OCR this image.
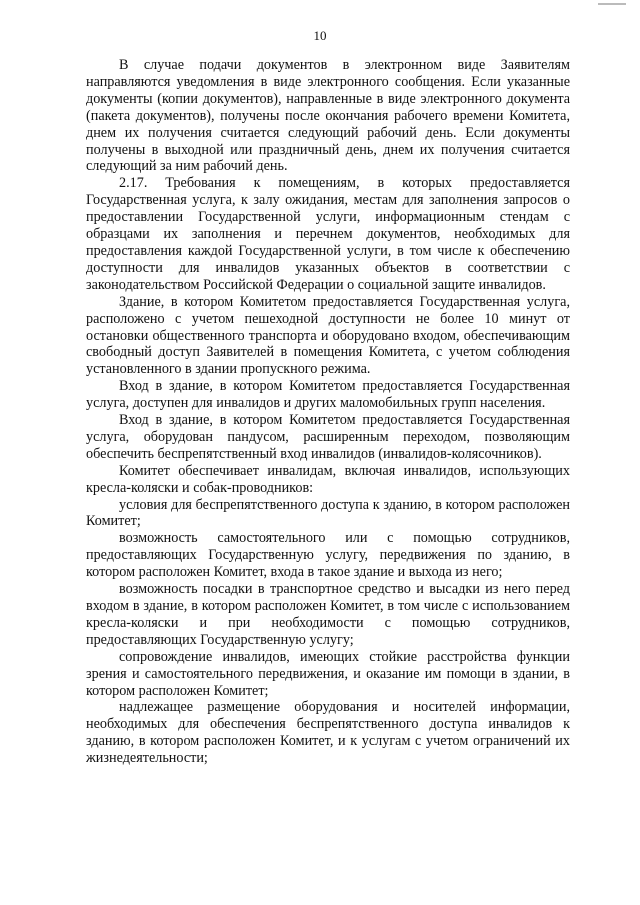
10

В случае подачи документов в электронном виде Заявителям направляются уведомления в виде электронного сообщения. Если указанные документы (копии документов), направленные в виде электронного документа (пакета документов), получены после окончания рабочего времени Комитета, днем их получения считается следующий рабочий день. Если документы получены в выходной или праздничный день, днем их получения считается следующий за ним рабочий день.

2.17. Требования к помещениям, в которых предоставляется Государственная услуга, к залу ожидания, местам для заполнения запросов о предоставлении Государственной услуги, информационным стендам с образцами их заполнения и перечнем документов, необходимых для предоставления каждой Государственной услуги, в том числе к обеспечению доступности для инвалидов указанных объектов в соответствии с законодательством Российской Федерации о социальной защите инвалидов.

Здание, в котором Комитетом предоставляется Государственная услуга, расположено с учетом пешеходной доступности не более 10 минут от остановки общественного транспорта и оборудовано входом, обеспечивающим свободный доступ Заявителей в помещения Комитета, с учетом соблюдения установленного в здании пропускного режима.

Вход в здание, в котором Комитетом предоставляется Государственная услуга, доступен для инвалидов и других маломобильных групп населения.

Вход в здание, в котором Комитетом предоставляется Государственная услуга, оборудован пандусом, расширенным переходом, позволяющим обеспечить беспрепятственный вход инвалидов (инвалидов-колясочников).

Комитет обеспечивает инвалидам, включая инвалидов, использующих кресла-коляски и собак-проводников:

условия для беспрепятственного доступа к зданию, в котором расположен Комитет;

возможность самостоятельного или с помощью сотрудников, предоставляющих Государственную услугу, передвижения по зданию, в котором расположен Комитет, входа в такое здание и выхода из него;

возможность посадки в транспортное средство и высадки из него перед входом в здание, в котором расположен Комитет, в том числе с использованием кресла-коляски и при необходимости с помощью сотрудников, предоставляющих Государственную услугу;

сопровождение инвалидов, имеющих стойкие расстройства функции зрения и самостоятельного передвижения, и оказание им помощи в здании, в котором расположен Комитет;

надлежащее размещение оборудования и носителей информации, необходимых для обеспечения беспрепятственного доступа инвалидов к зданию, в котором расположен Комитет, и к услугам с учетом ограничений их жизнедеятельности;
